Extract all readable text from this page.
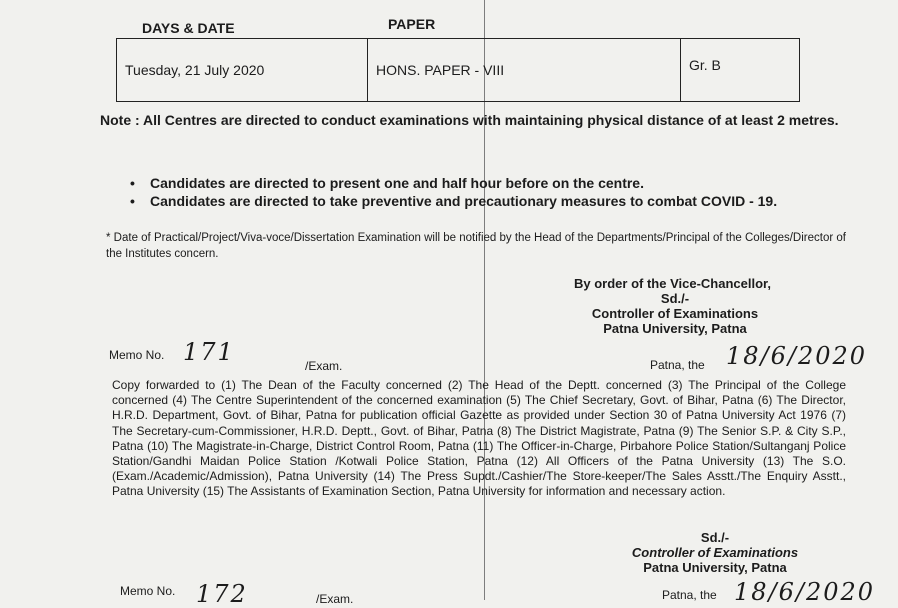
DAYS & DATE	PAPER
Tuesday, 21 July 2020	HONS. PAPER - VIII	Gr. B
Note : All Centres are directed to conduct examinations with maintaining physical distance of at least 2 metres.
• Candidates are directed to present one and half hour before on the centre.
• Candidates are directed to take preventive and precautionary measures to combat COVID - 19.
* Date of Practical/Project/Viva-voce/Dissertation Examination will be notified by the Head of the Departments/Principal of the Colleges/Director of the Institutes concern.
By order of the Vice-Chancellor,
Sd./-
Controller of Examinations
Patna University, Patna
Memo No. 171	/Exam.	Patna, the 18/6/2020
Copy forwarded to (1) The Dean of the Faculty concerned (2) The Head of the Deptt. concerned (3) The Principal of the College concerned (4) The Centre Superintendent of the concerned examination (5) The Chief Secretary, Govt. of Bihar, Patna (6) The Director, H.R.D. Department, Govt. of Bihar, Patna for publication official Gazette as provided under Section 30 of Patna University Act 1976 (7) The Secretary-cum-Commissioner, H.R.D. Deptt., Govt. of Bihar, Patna (8) The District Magistrate, Patna (9) The Senior S.P. & City S.P., Patna (10) The Magistrate-in-Charge, District Control Room, Patna (11) The Officer-in-Charge, Pirbahore Police Station/Sultanganj Police Station/Gandhi Maidan Police Station /Kotwali Police Station, Patna (12) All Officers of the Patna University (13) The S.O. (Exam./Academic/Admission), Patna University (14) The Press Supdt./Cashier/The Store-keeper/The Sales Asstt./The Enquiry Asstt., Patna University (15) The Assistants of Examination Section, Patna University for information and necessary action.
Sd./-
Controller of Examinations
Patna University, Patna
Memo No. 172	/Exam.	Patna, the 18/6/2020
